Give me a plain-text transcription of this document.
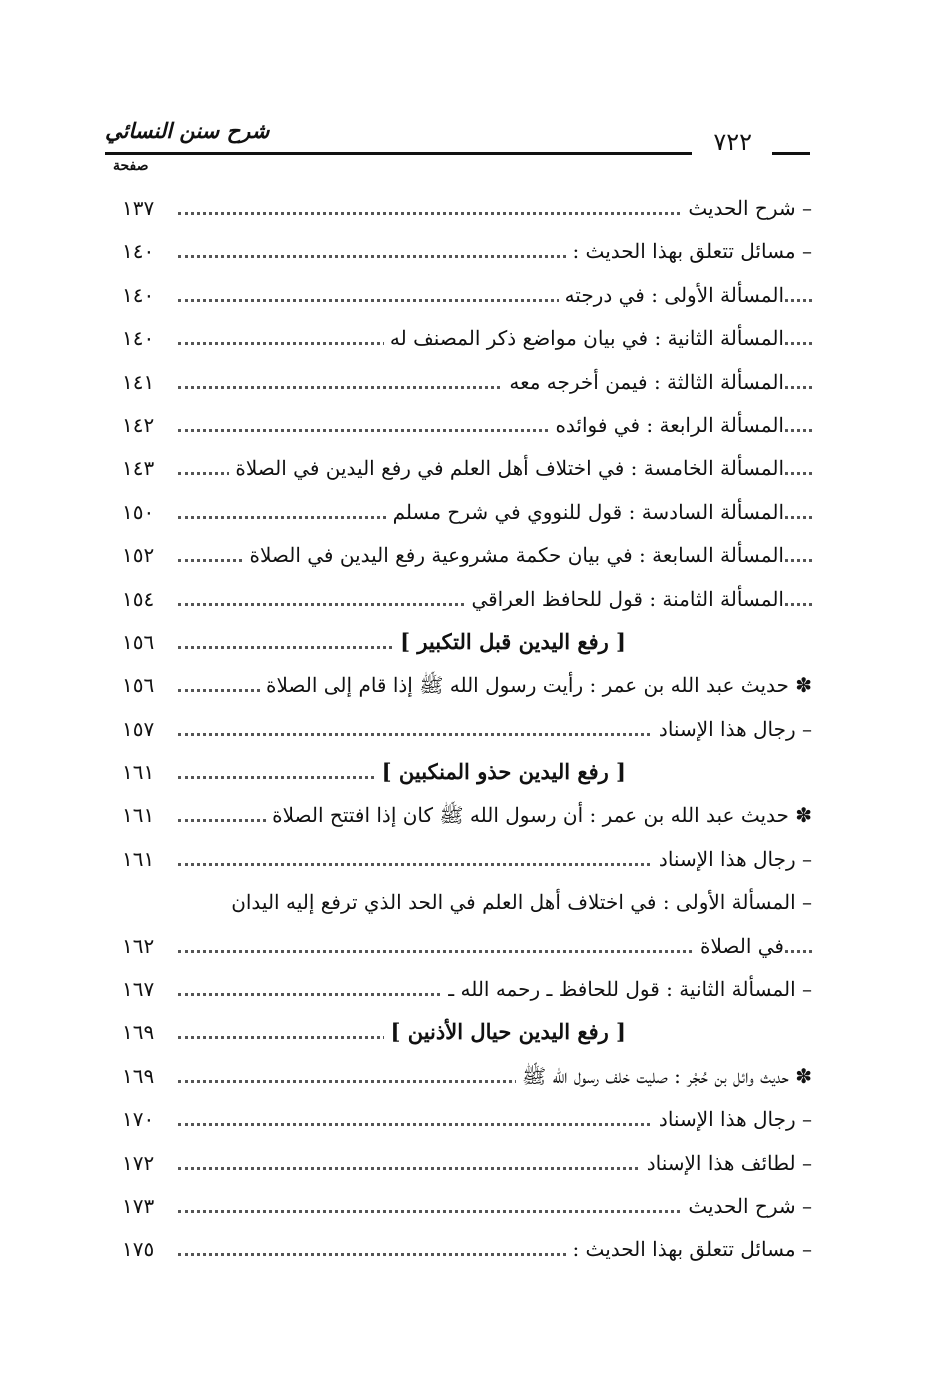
شرح سنن النسائي	٧٢٢
صفحة
١٣٧	– شرح الحديث
١٤٠	– مسائل تتعلق بهذا الحديث :
١٤٠	المسألة الأولى : في درجته
١٤٠	المسألة الثانية : في بيان مواضع ذكر المصنف له
١٤١	المسألة الثالثة : فيمن أخرجه معه
١٤٢	المسألة الرابعة : في فوائده
١٤٣	المسألة الخامسة : في اختلاف أهل العلم في رفع اليدين في الصلاة
١٥٠	المسألة السادسة : قول للنووي في شرح مسلم
١٥٢	المسألة السابعة : في بيان حكمة مشروعية رفع اليدين في الصلاة
١٥٤	المسألة الثامنة : قول للحافظ العراقي
١٥٦	[ رفع اليدين قبل التكبير ]
١٥٦	✽ حديث عبد الله بن عمر : رأيت رسول الله ﷺ إذا قام إلى الصلاة
١٥٧	– رجال هذا الإسناد
١٦١	[ رفع اليدين حذو المنكبين ]
١٦١	✽ حديث عبد الله بن عمر : أن رسول الله ﷺ كان إذا افتتح الصلاة
١٦١	– رجال هذا الإسناد
– المسألة الأولى : في اختلاف أهل العلم في الحد الذي ترفع إليه اليدان
١٦٢	في الصلاة
١٦٧	– المسألة الثانية : قول للحافظ ـ رحمه الله ـ
١٦٩	[ رفع اليدين حيال الأذنين ]
١٦٩	✽ حديث وائل بن حُجْر : صليت خلف رسول الله ﷺ
١٧٠	– رجال هذا الإسناد
١٧٢	– لطائف هذا الإسناد
١٧٣	– شرح الحديث
١٧٥	– مسائل تتعلق بهذا الحديث :
